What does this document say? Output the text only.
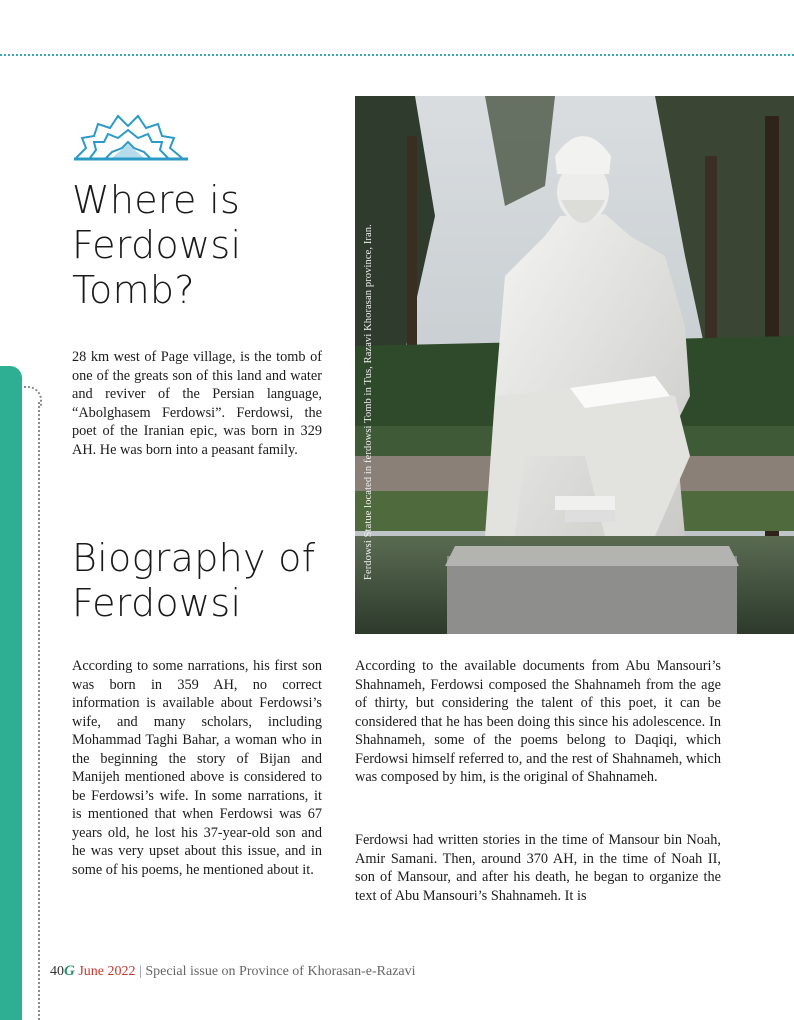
Where is Ferdowsi Tomb?

28 km west of Page village, is the tomb of one of the greats son of this land and water and reviver of the Persian language, “Abolghasem Ferdowsi”. Ferdowsi, the poet of the Iranian epic, was born in 329 AH. He was born into a peasant family.

Biography of Ferdowsi

According to some narrations, his first son was born in 359 AH, no correct information is available about Ferdowsi’s wife, and many scholars, including Mohammad Taghi Bahar, a woman who in the beginning the story of Bijan and Manijeh mentioned above is considered to be Ferdowsi’s wife. In some narrations, it is mentioned that when Ferdowsi was 67 years old, he lost his 37-year-old son and he was very upset about this issue, and in some of his poems, he mentioned about it.

According to the available documents from Abu Mansouri’s Shahnameh, Ferdowsi composed the Shahnameh from the age of thirty, but considering the talent of this poet, it can be considered that he has been doing this since his adolescence. In Shahnameh, some of the poems belong to Daqiqi, which Ferdowsi himself referred to, and the rest of Shahnameh, which was composed by him, is the original of Shahnameh.

Ferdowsi had written stories in the time of Mansour bin Noah, Amir Samani. Then, around 370 AH, in the time of Noah II, son of Mansour, and after his death, he began to organize the text of Abu Mansouri’s Shahnameh. It is

Ferdowsi Statue located in ferdowsi Tomb in Tus, Razavi Khorasan province, Iran.
40G June 2022 | Special issue on Province of Khorasan-e-Razavi
